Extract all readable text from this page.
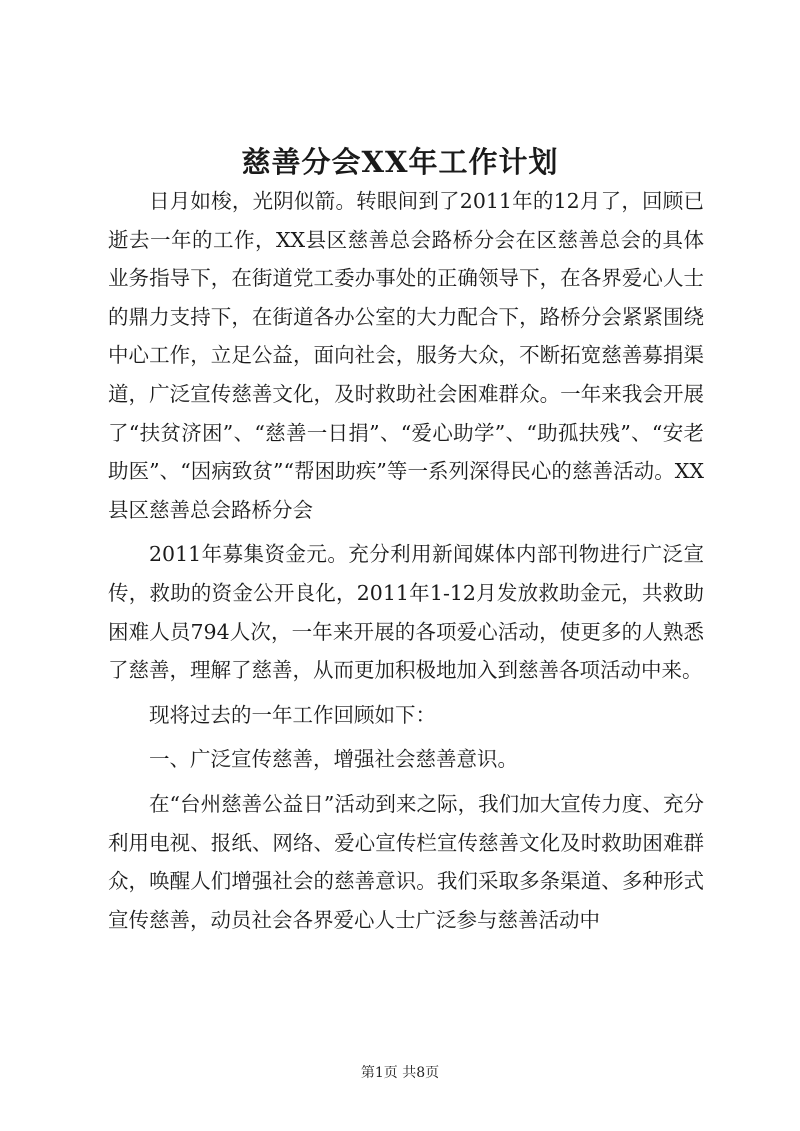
慈善分会XX年工作计划

日月如梭，光阴似箭。转眼间到了2011年的12月了，回顾已逝去一年的工作，XX县区慈善总会路桥分会在区慈善总会的具体业务指导下，在街道党工委办事处的正确领导下，在各界爱心人士的鼎力支持下，在街道各办公室的大力配合下，路桥分会紧紧围绕中心工作，立足公益，面向社会，服务大众，不断拓宽慈善募捐渠道，广泛宣传慈善文化，及时救助社会困难群众。一年来我会开展了“扶贫济困”、“慈善一日捐”、“爱心助学”、“助孤扶残”、“安老助医”、“因病致贫”“帮困助疾”等一系列深得民心的慈善活动。XX县区慈善总会路桥分会

2011年募集资金元。充分利用新闻媒体内部刊物进行广泛宣传，救助的资金公开良化，2011年1-12月发放救助金元，共救助困难人员794人次，一年来开展的各项爱心活动，使更多的人熟悉了慈善，理解了慈善，从而更加积极地加入到慈善各项活动中来。

现将过去的一年工作回顾如下：

一、广泛宣传慈善，增强社会慈善意识。

在“台州慈善公益日”活动到来之际，我们加大宣传力度、充分利用电视、报纸、网络、爱心宣传栏宣传慈善文化及时救助困难群众，唤醒人们增强社会的慈善意识。我们采取多条渠道、多种形式宣传慈善，动员社会各界爱心人士广泛参与慈善活动中

第1页 共8页
